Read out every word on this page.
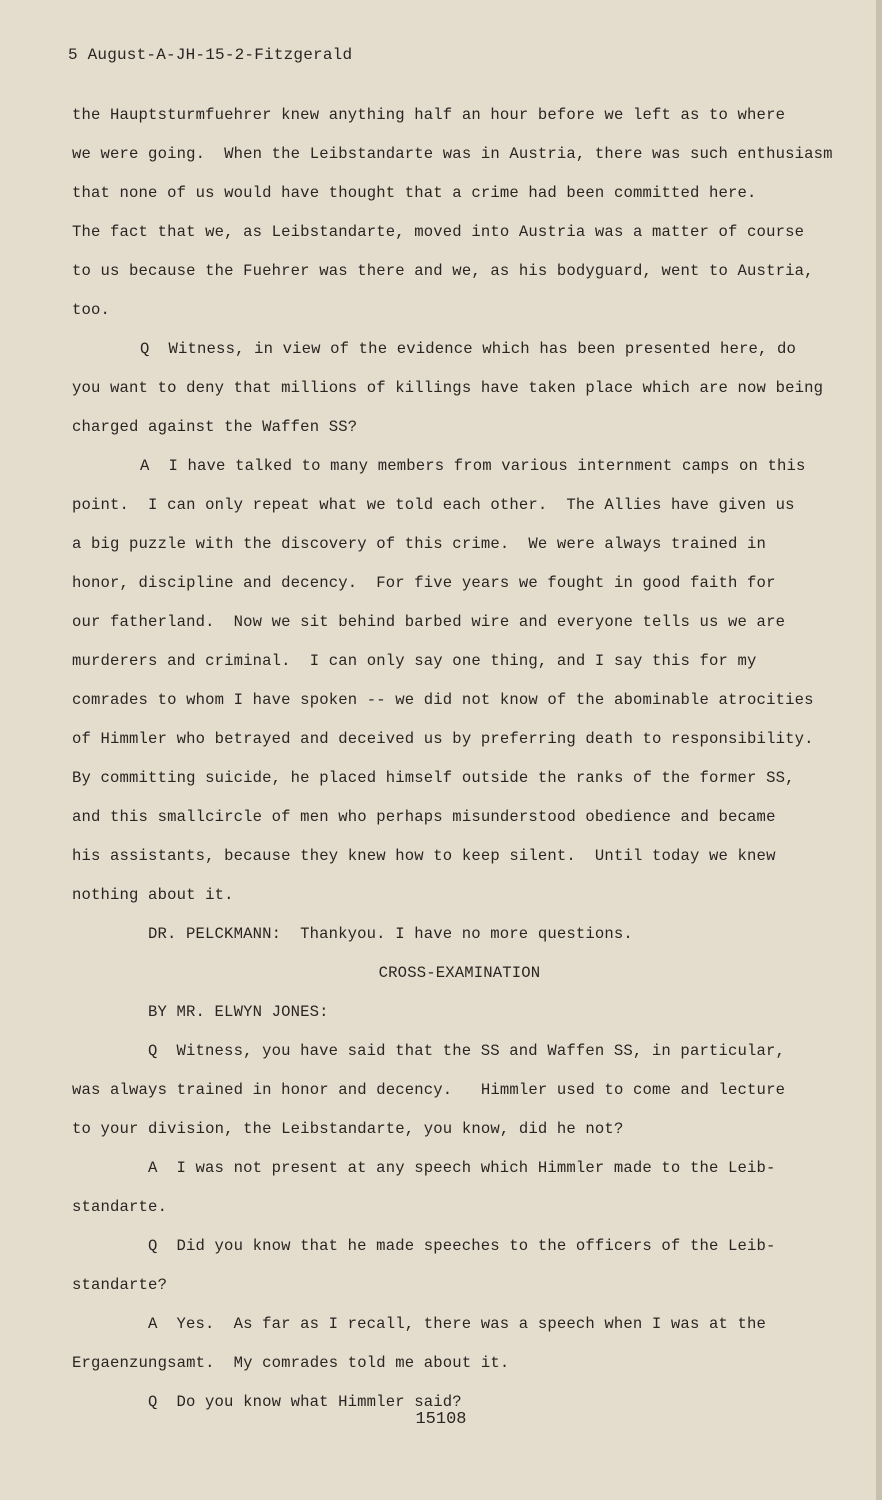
5 August-A-JH-15-2-Fitzgerald
the Hauptsturmfuehrer knew anything half an hour before we left as to where
we were going.  When the Leibstandarte was in Austria, there was such enthusiasm
that none of us would have thought that a crime had been committed here.
The fact that we, as Leibstandarte, moved into Austria was a matter of course
to us because the Fuehrer was there and we, as his bodyguard, went to Austria,
too.
Q  Witness, in view of the evidence which has been presented here, do
you want to deny that millions of killings have taken place which are now being
charged against the Waffen SS?
A  I have talked to many members from various internment camps on this
point.  I can only repeat what we told each other.  The Allies have given us
a big puzzle with the discovery of this crime.  We were always trained in
honor, discipline and decency.  For five years we fought in good faith for
our fatherland.  Now we sit behind barbed wire and everyone tells us we are
murderers and criminal.  I can only say one thing, and I say this for my
comrades to whom I have spoken -- we did not know of the abominable atrocities
of Himmler who betrayed and deceived us by preferring death to responsibility.
By committing suicide, he placed himself outside the ranks of the former SS,
and this smallcircle of men who perhaps misunderstood obedience and became
his assistants, because they knew how to keep silent.  Until today we knew
nothing about it.
DR. PELCKMANN:  Thankyou. I have no more questions.
CROSS-EXAMINATION
BY MR. ELWYN JONES:
Q  Witness, you have said that the SS and Waffen SS, in particular,
was always trained in honor and decency.   Himmler used to come and lecture
to your division, the Leibstandarte, you know, did he not?
A  I was not present at any speech which Himmler made to the Leib-
standarte.
Q  Did you know that he made speeches to the officers of the Leib-
standarte?
A  Yes.  As far as I recall, there was a speech when I was at the
Ergaenzungsamt.  My comrades told me about it.
Q  Do you know what Himmler said?
15108
